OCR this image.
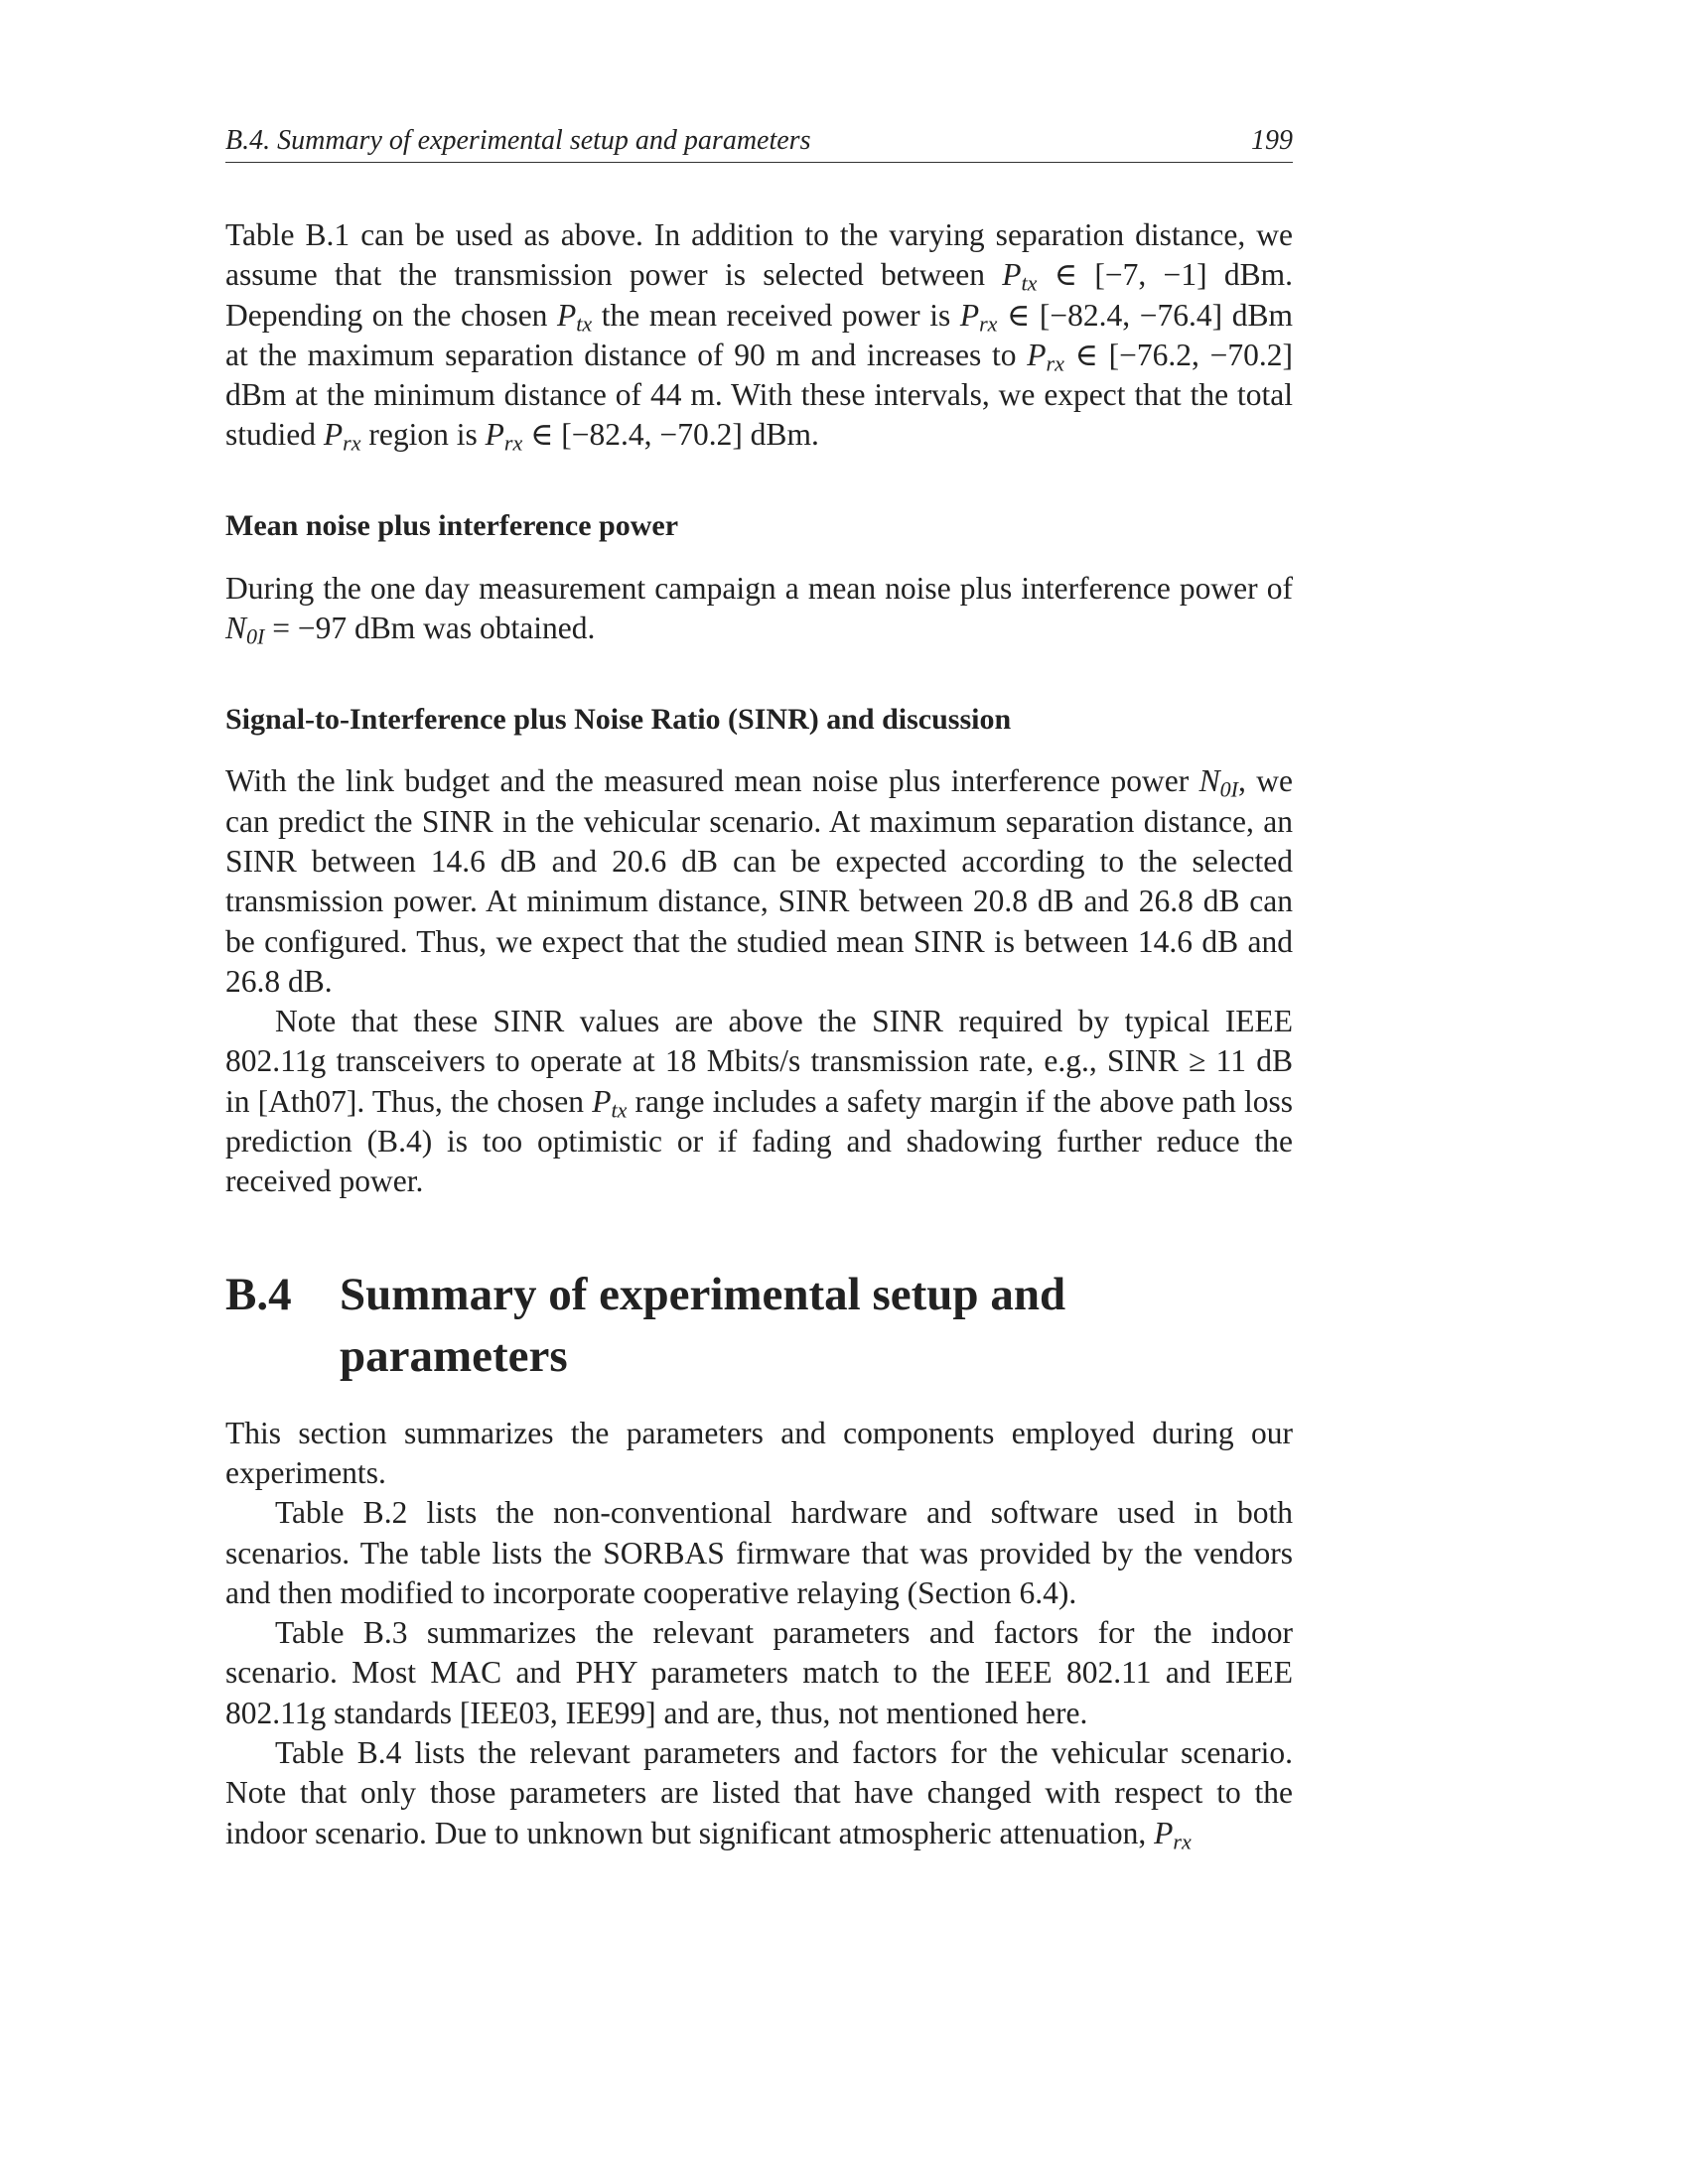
B.4. Summary of experimental setup and parameters	199

Table B.1 can be used as above. In addition to the varying separation distance, we assume that the transmission power is selected between $P_{tx}$ ∈ [−7, −1] dBm. Depending on the chosen $P_{tx}$ the mean received power is $P_{rx}$ ∈ [−82.4, −76.4] dBm at the maximum separation distance of 90 m and increases to $P_{rx}$ ∈ [−76.2, −70.2] dBm at the minimum distance of 44 m. With these intervals, we expect that the total studied $P_{rx}$ region is $P_{rx}$ ∈ [−82.4, −70.2] dBm.

Mean noise plus interference power

During the one day measurement campaign a mean noise plus interference power of $N_{0I} = -97$ dBm was obtained.

Signal-to-Interference plus Noise Ratio (SINR) and discussion

With the link budget and the measured mean noise plus interference power $N_{0I}$, we can predict the SINR in the vehicular scenario. At maximum separation distance, an SINR between 14.6 dB and 20.6 dB can be expected according to the selected transmission power. At minimum distance, SINR between 20.8 dB and 26.8 dB can be configured. Thus, we expect that the studied mean SINR is between 14.6 dB and 26.8 dB.

Note that these SINR values are above the SINR required by typical IEEE 802.11g transceivers to operate at 18 Mbits/s transmission rate, e.g., SINR ≥ 11 dB in [Ath07]. Thus, the chosen $P_{tx}$ range includes a safety margin if the above path loss prediction (B.4) is too optimistic or if fading and shadowing further reduce the received power.

B.4	Summary of experimental setup and parameters

This section summarizes the parameters and components employed during our experiments.

Table B.2 lists the non-conventional hardware and software used in both scenarios. The table lists the SORBAS firmware that was provided by the vendors and then modified to incorporate cooperative relaying (Section 6.4).

Table B.3 summarizes the relevant parameters and factors for the indoor scenario. Most MAC and PHY parameters match to the IEEE 802.11 and IEEE 802.11g standards [IEE03, IEE99] and are, thus, not mentioned here.

Table B.4 lists the relevant parameters and factors for the vehicular scenario. Note that only those parameters are listed that have changed with respect to the indoor scenario. Due to unknown but significant atmospheric attenuation, $P_{rx}$
